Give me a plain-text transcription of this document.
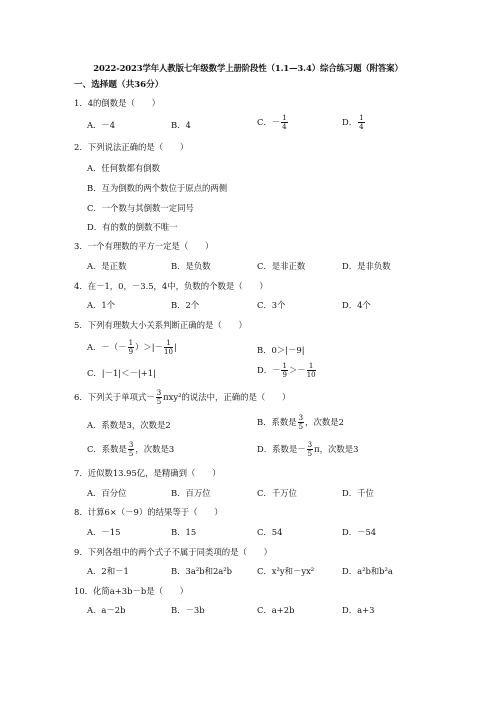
2022-2023学年人教版七年级数学上册阶段性（1.1—3.4）综合练习题（附答案）
一、选择题（共36分）
1．4的倒数是（　　）
A．－4	B．4	C．－ $\frac{1}{4}$	D． $\frac{1}{4}$
2．下列说法正确的是（　　）
A．任何数都有倒数
B．互为倒数的两个数位于原点的两侧
C．一个数与其倒数一定同号
D．有的数的倒数不唯一
3．一个有理数的平方一定是（　　）
A．是正数	B．是负数	C．是非正数	D．是非负数
4．在－1，0，－3.5，4中，负数的个数是（　　）
A．1个	B．2个	C．3个	D．4个
5．下列有理数大小关系判断正确的是（　　）
A．－（－ $\frac{1}{9}$ ）＞|－ $\frac{1}{10}$ |	B．0＞|－9|
C．|－1|＜－|+1|	D．－ $\frac{1}{9} >- \frac{1}{10}$
6．下列关于单项式－ $\frac{3}{5} \pi xy^2$的说法中，正确的是（　　）
A．系数是3，次数是2	B．系数是 $\frac{3}{5}$ ，次数是2
C．系数是 $\frac{3}{5}$ ，次数是3	D．系数是－ $\frac{3}{5}$ π，次数是3
7．近似数13.95亿，是精确到（　　）
A．百分位	B．百万位	C．千万位	D．千位
8．计算6×（－9）的结果等于（　　）
A．－15	B．15	C．54	D．－54
9．下列各组中的两个式子不属于同类项的是（　　）
A．2和－1	B．3a²b和2a²b	C．x²y和－yx²	D．a²b和b²a
10．化简a+3b－b是（　　）
A．a－2b	B．－3b	C．a+2b	D．a+3
